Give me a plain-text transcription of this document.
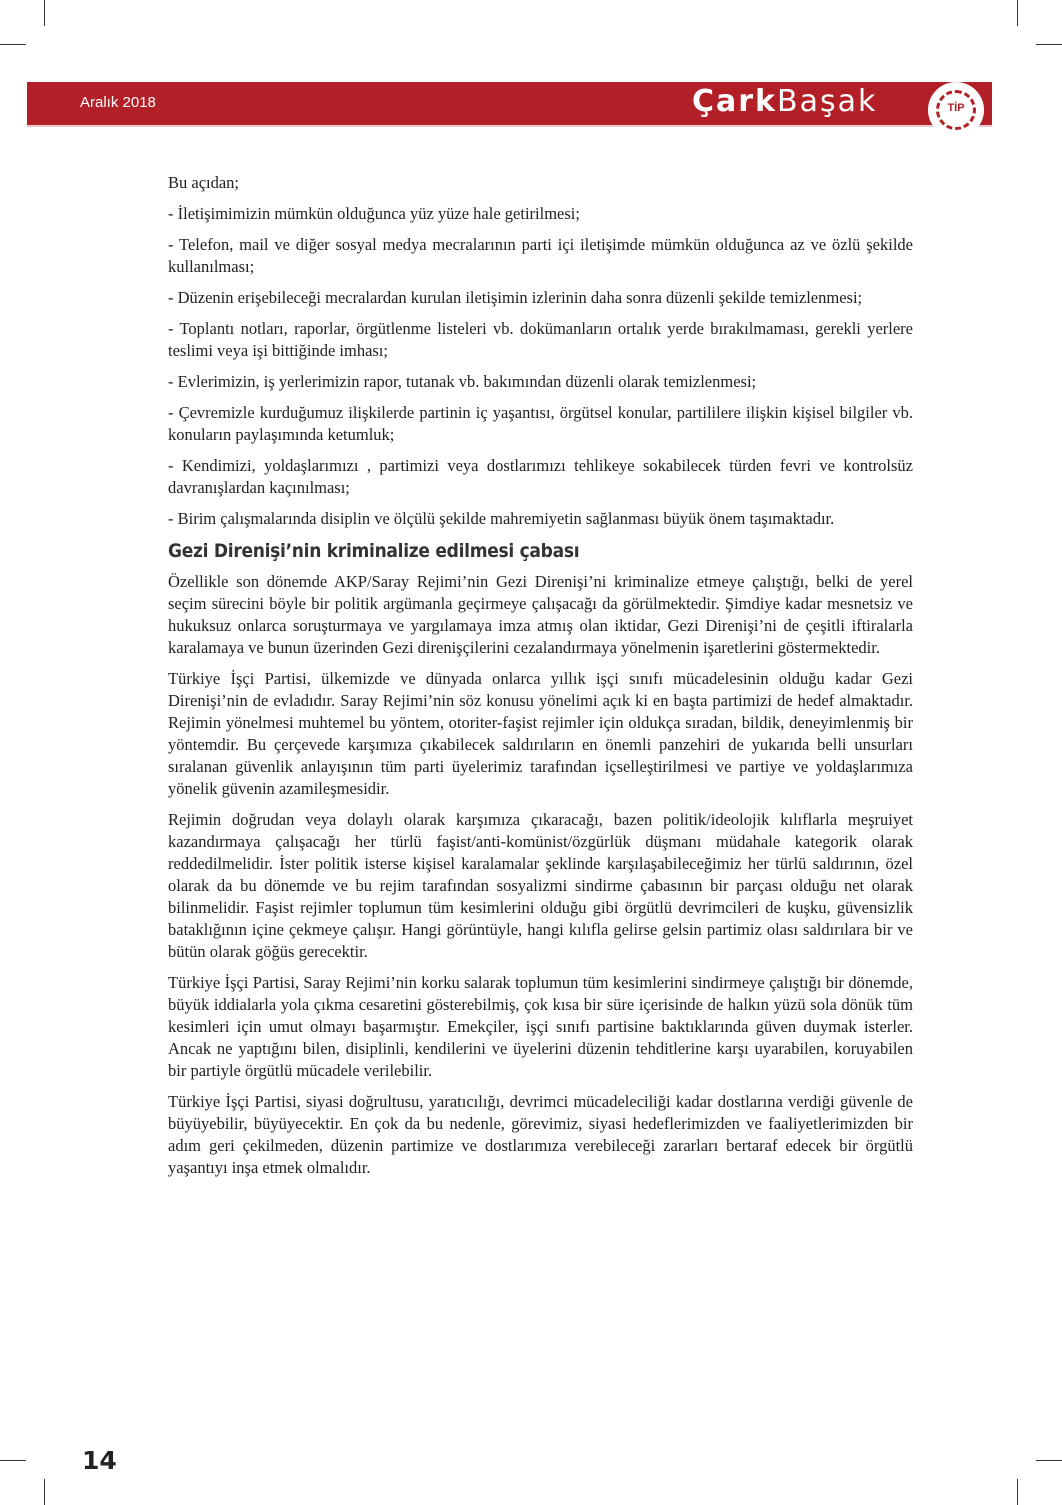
Aralık 2018	ÇarkBaşak	TİP

Bu açıdan;

- İletişimimizin mümkün olduğunca yüz yüze hale getirilmesi;

- Telefon, mail ve diğer sosyal medya mecralarının parti içi iletişimde mümkün olduğunca az ve özlü şekilde kullanılması;

- Düzenin erişebileceği mecralardan kurulan iletişimin izlerinin daha sonra düzenli şekilde temizlenmesi;

- Toplantı notları, raporlar, örgütlenme listeleri vb. dokümanların ortalık yerde bırakılmaması, gerekli yerlere teslimi veya işi bittiğinde imhası;

- Evlerimizin, iş yerlerimizin rapor, tutanak vb. bakımından düzenli olarak temizlenmesi;

- Çevremizle kurduğumuz ilişkilerde partinin iç yaşantısı, örgütsel konular, partililere ilişkin kişisel bilgiler vb. konuların paylaşımında ketumluk;

- Kendimizi, yoldaşlarımızı , partimizi veya dostlarımızı tehlikeye sokabilecek türden fevri ve kontrolsüz davranışlardan kaçınılması;

- Birim çalışmalarında disiplin ve ölçülü şekilde mahremiyetin sağlanması büyük önem taşımaktadır.

Gezi Direnişi’nin kriminalize edilmesi çabası

Özellikle son dönemde AKP/Saray Rejimi’nin Gezi Direnişi’ni kriminalize etmeye çalıştığı, belki de yerel seçim sürecini böyle bir politik argümanla geçirmeye çalışacağı da görülmektedir. Şimdiye kadar mesnetsiz ve hukuksuz onlarca soruşturmaya ve yargılamaya imza atmış olan iktidar, Gezi Direnişi’ni de çeşitli iftiralarla karalamaya ve bunun üzerinden Gezi direnişçilerini cezalandırmaya yönelmenin işaretlerini göstermektedir.

Türkiye İşçi Partisi, ülkemizde ve dünyada onlarca yıllık işçi sınıfı mücadelesinin olduğu kadar Gezi Direnişi’nin de evladıdır. Saray Rejimi’nin söz konusu yönelimi açık ki en başta partimizi de hedef almaktadır. Rejimin yönelmesi muhtemel bu yöntem, otoriter-faşist rejimler için oldukça sıradan, bildik, deneyimlenmiş bir yöntemdir. Bu çerçevede karşımıza çıkabilecek saldırıların en önemli panzehiri de yukarıda belli unsurları sıralanan güvenlik anlayışının tüm parti üyelerimiz tarafından içselleştirilmesi ve partiye ve yoldaşlarımıza yönelik güvenin azamileşmesidir.

Rejimin doğrudan veya dolaylı olarak karşımıza çıkaracağı, bazen politik/ideolojik kılıflarla meşruiyet kazandırmaya çalışacağı her türlü faşist/anti-komünist/özgürlük düşmanı müdahale kategorik olarak reddedilmelidir. İster politik isterse kişisel karalamalar şeklinde karşılaşabileceğimiz her türlü saldırının, özel olarak da bu dönemde ve bu rejim tarafından sosyalizmi sindirme çabasının bir parçası olduğu net olarak bilinmelidir. Faşist rejimler toplumun tüm kesimlerini olduğu gibi örgütlü devrimcileri de kuşku, güvensizlik bataklığının içine çekmeye çalışır. Hangi görüntüyle, hangi kılıfla gelirse gelsin partimiz olası saldırılara bir ve bütün olarak göğüs gerecektir.

Türkiye İşçi Partisi, Saray Rejimi’nin korku salarak toplumun tüm kesimlerini sindirmeye çalıştığı bir dönemde, büyük iddialarla yola çıkma cesaretini gösterebilmiş, çok kısa bir süre içerisinde de halkın yüzü sola dönük tüm kesimleri için umut olmayı başarmıştır. Emekçiler, işçi sınıfı partisine baktıklarında güven duymak isterler. Ancak ne yaptığını bilen, disiplinli, kendilerini ve üyelerini düzenin tehditlerine karşı uyarabilen, koruyabilen bir partiyle örgütlü mücadele verilebilir.

Türkiye İşçi Partisi, siyasi doğrultusu, yaratıcılığı, devrimci mücadeleciliği kadar dostlarına verdiği güvenle de büyüyebilir, büyüyecektir. En çok da bu nedenle, görevimiz, siyasi hedeflerimizden ve faaliyetlerimizden bir adım geri çekilmeden, düzenin partimize ve dostlarımıza verebileceği zararları bertaraf edecek bir örgütlü yaşantıyı inşa etmek olmalıdır.

14
